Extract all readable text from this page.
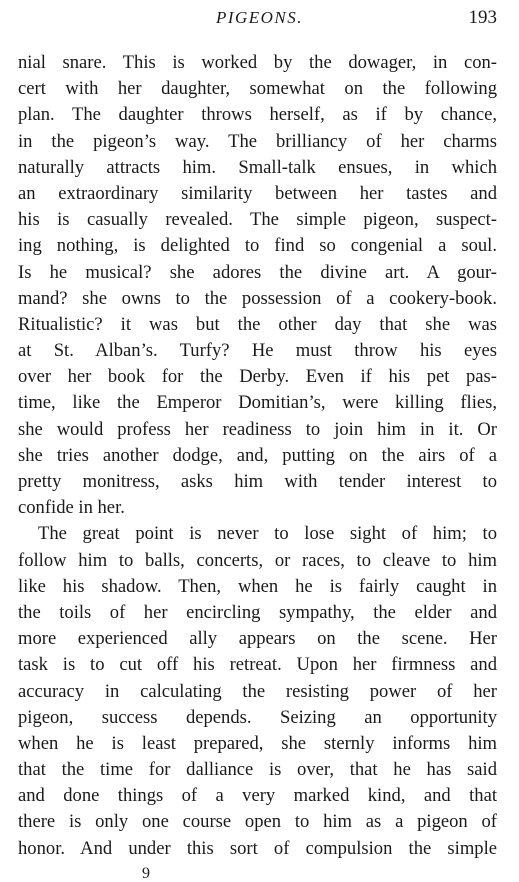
PIGEONS.	193
nial snare. This is worked by the dowager, in con-
cert with her daughter, somewhat on the following
plan. The daughter throws herself, as if by chance,
in the pigeon’s way. The brilliancy of her charms
naturally attracts him. Small-talk ensues, in which
an extraordinary similarity between her tastes and
his is casually revealed. The simple pigeon, suspect-
ing nothing, is delighted to find so congenial a soul.
Is he musical? she adores the divine art. A gour-
mand? she owns to the possession of a cookery-book.
Ritualistic? it was but the other day that she was
at St. Alban’s. Turfy? He must throw his eyes
over her book for the Derby. Even if his pet pas-
time, like the Emperor Domitian’s, were killing flies,
she would profess her readiness to join him in it. Or
she tries another dodge, and, putting on the airs of a
pretty monitress, asks him with tender interest to
confide in her.
The great point is never to lose sight of him; to
follow him to balls, concerts, or races, to cleave to him
like his shadow. Then, when he is fairly caught in
the toils of her encircling sympathy, the elder and
more experienced ally appears on the scene. Her
task is to cut off his retreat. Upon her firmness and
accuracy in calculating the resisting power of her
pigeon, success depends. Seizing an opportunity
when he is least prepared, she sternly informs him
that the time for dalliance is over, that he has said
and done things of a very marked kind, and that
there is only one course open to him as a pigeon of
honor. And under this sort of compulsion the simple
9
